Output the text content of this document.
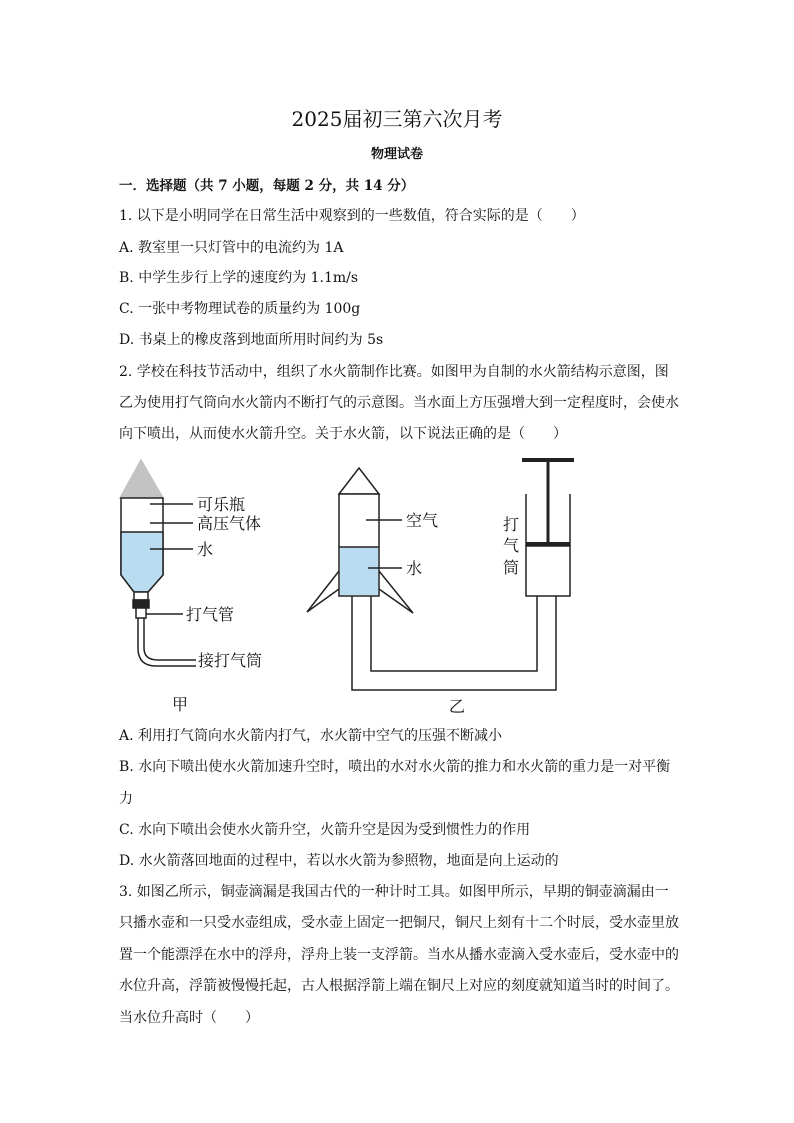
2025届初三第六次月考
物理试卷
一．选择题（共 7 小题，每题 2 分，共 14 分）
1. 以下是小明同学在日常生活中观察到的一些数值，符合实际的是（　　）
A. 教室里一只灯管中的电流约为 1A
B. 中学生步行上学的速度约为 1.1m/s
C. 一张中考物理试卷的质量约为 100g
D. 书桌上的橡皮落到地面所用时间约为 5s
2. 学校在科技节活动中，组织了水火箭制作比赛。如图甲为自制的水火箭结构示意图，图
乙为使用打气筒向水火箭内不断打气的示意图。当水面上方压强增大到一定程度时，会使水
向下喷出，从而使水火箭升空。关于水火箭，以下说法正确的是（　　）
可乐瓶
高压气体
水
打气管
接打气筒
甲
空气
水
打
气
筒
乙
A. 利用打气筒向水火箭内打气，水火箭中空气的压强不断减小
B. 水向下喷出使水火箭加速升空时，喷出的水对水火箭的推力和水火箭的重力是一对平衡
力
C. 水向下喷出会使水火箭升空，火箭升空是因为受到惯性力的作用
D. 水火箭落回地面的过程中，若以水火箭为参照物，地面是向上运动的
3. 如图乙所示，铜壶滴漏是我国古代的一种计时工具。如图甲所示，早期的铜壶滴漏由一
只播水壶和一只受水壶组成，受水壶上固定一把铜尺，铜尺上刻有十二个时辰，受水壶里放
置一个能漂浮在水中的浮舟，浮舟上装一支浮箭。当水从播水壶滴入受水壶后，受水壶中的
水位升高，浮箭被慢慢托起，古人根据浮箭上端在铜尺上对应的刻度就知道当时的时间了。
当水位升高时（　　）
